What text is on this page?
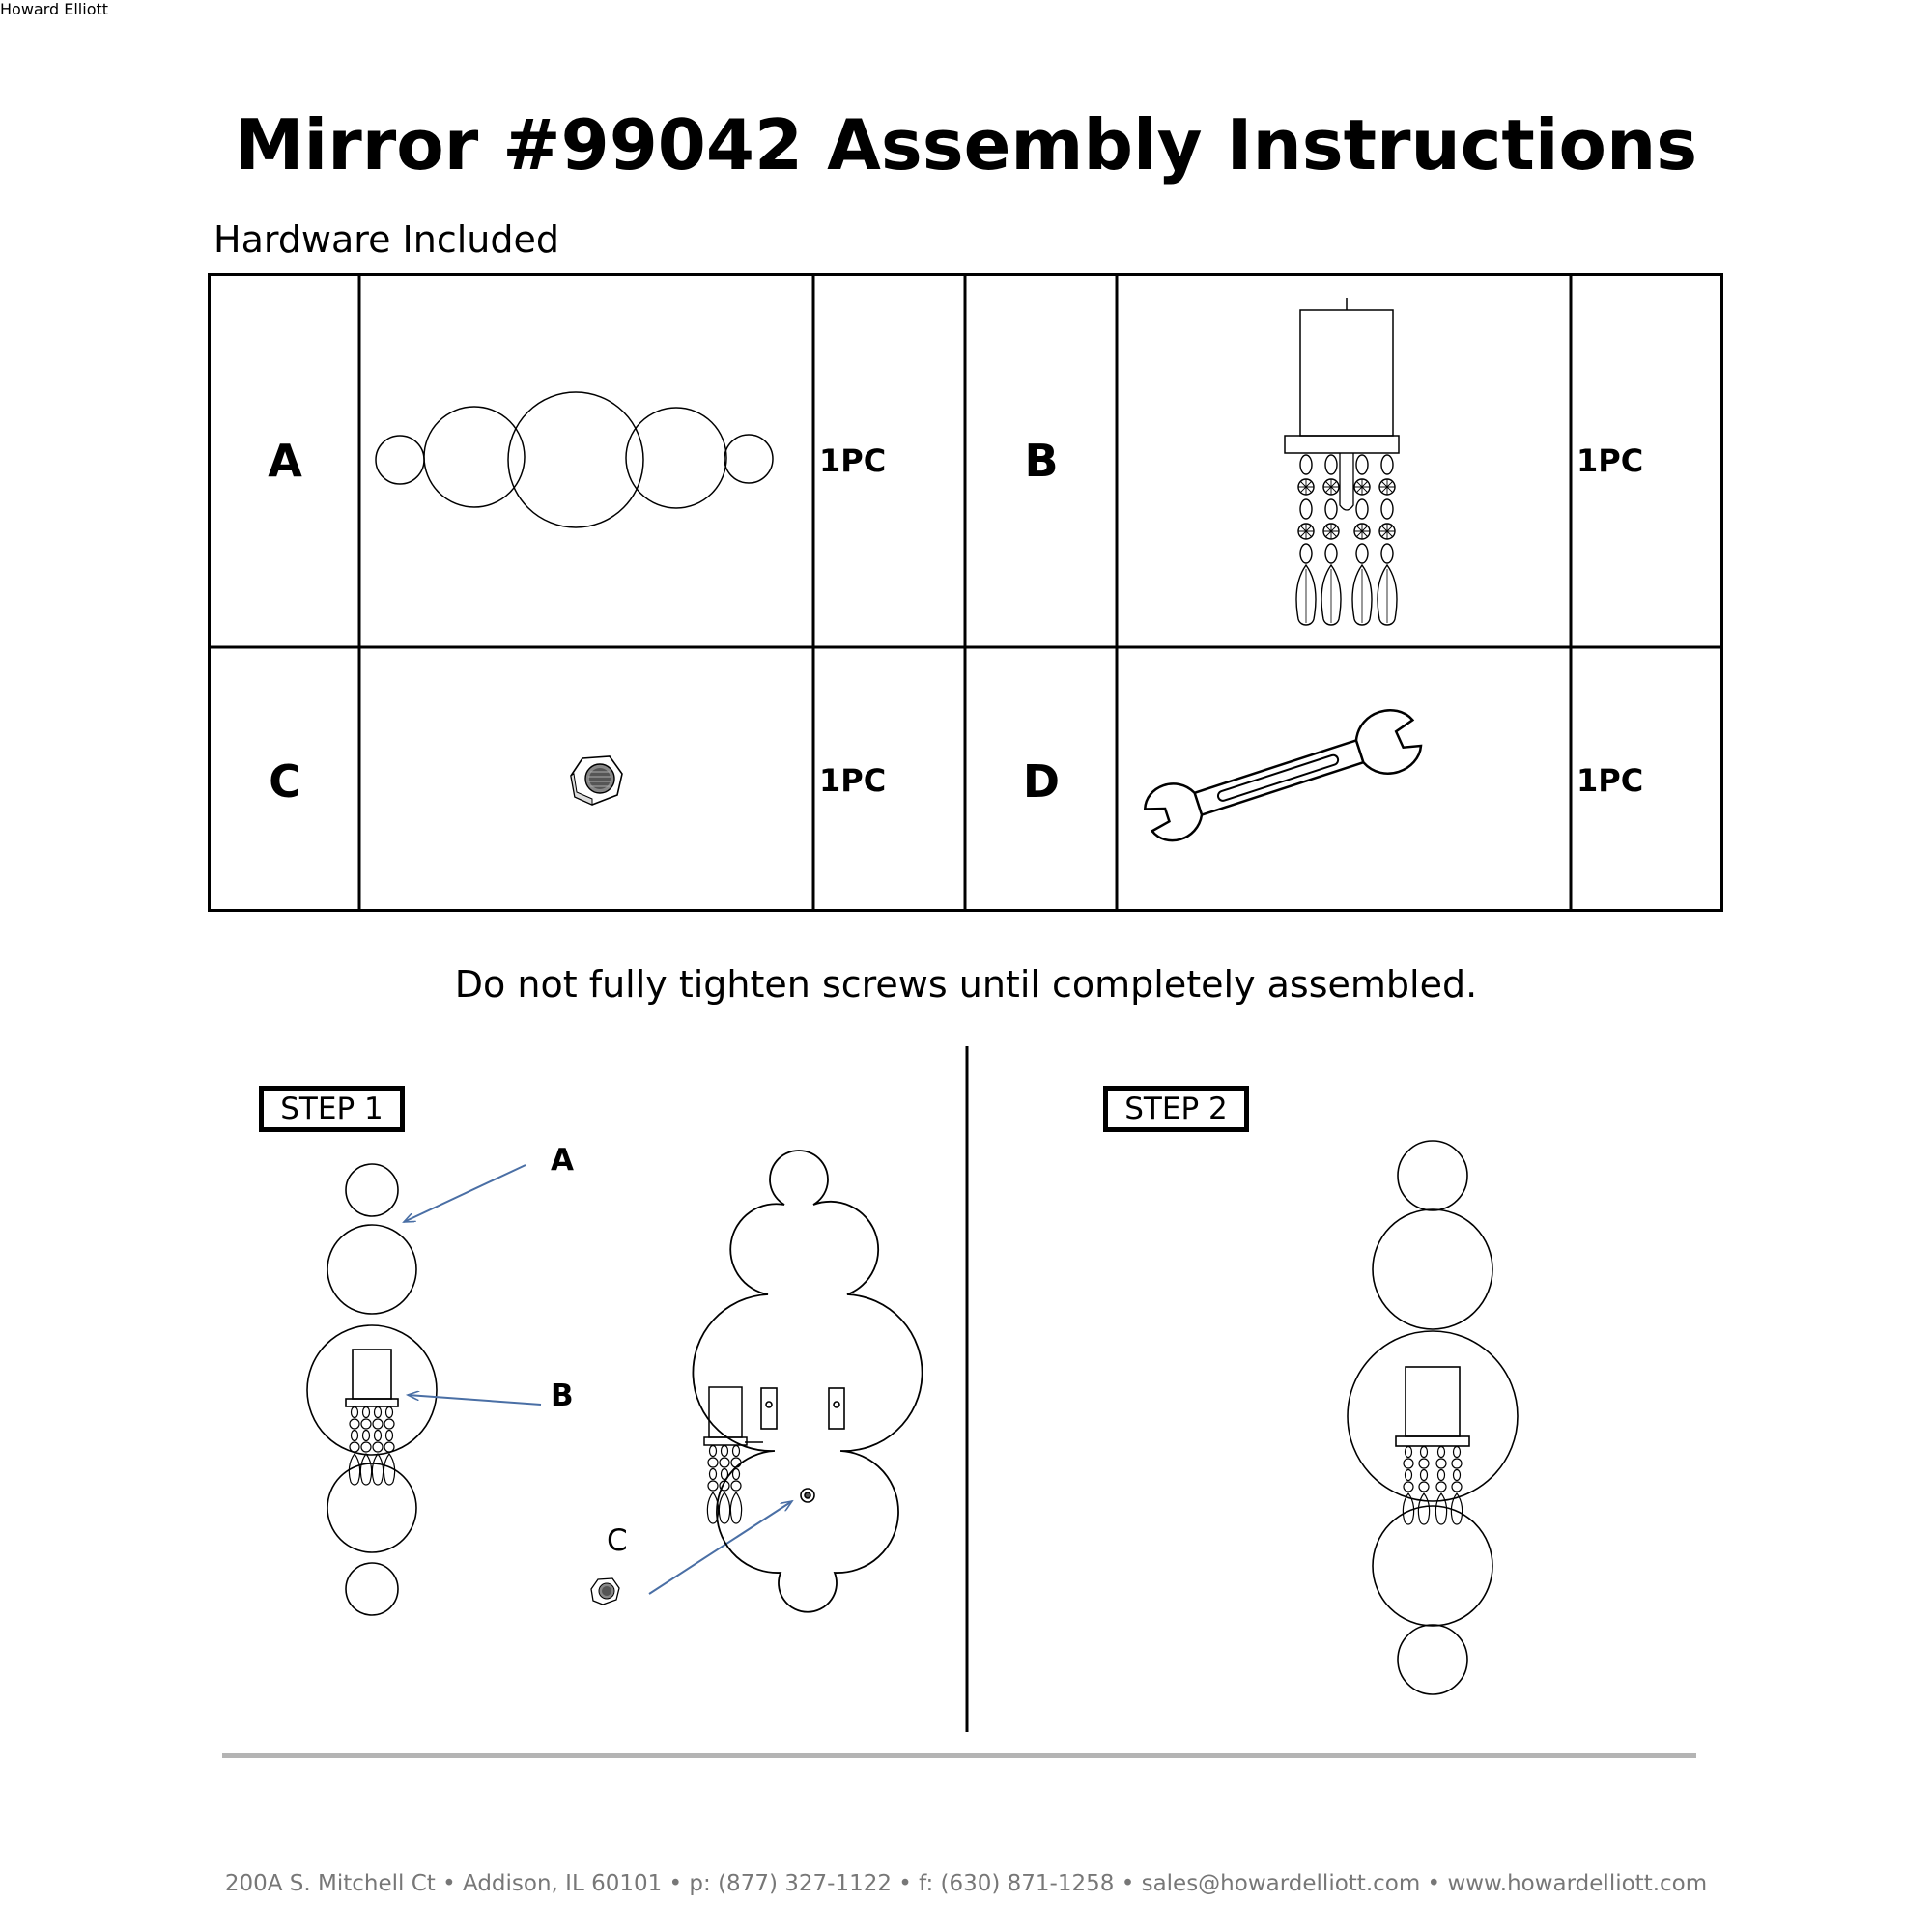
Mirror #99042 Assembly Instructions
Hardware Included
A	1PC	B	1PC
C	1PC	D	1PC
Do not fully tighten screws until completely assembled.
STEP 1	STEP 2
A
B
C
Howard Elliott
200A S. Mitchell Ct • Addison, IL 60101 • p: (877) 327-1122 • f: (630) 871-1258 • sales@howardelliott.com • www.howardelliott.com
